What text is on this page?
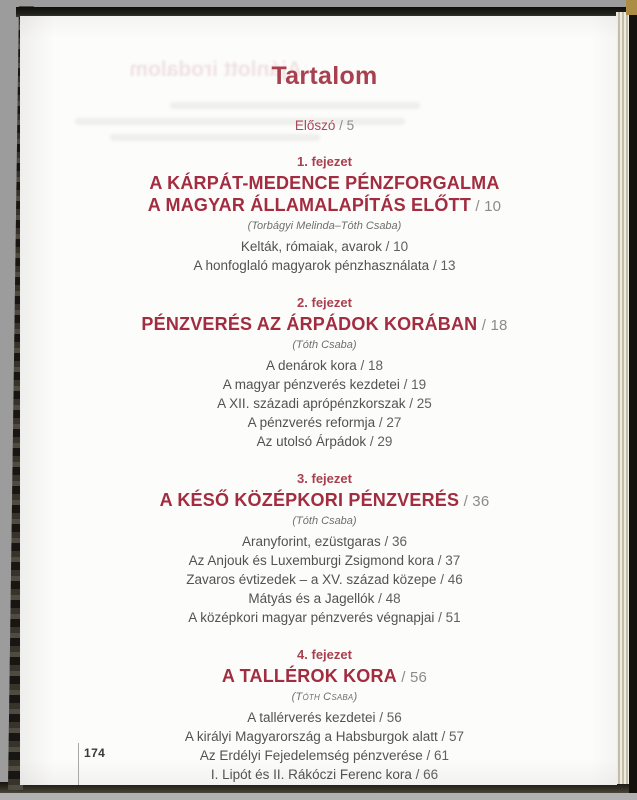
Ajánlott irodalom
Tartalom
Előszó / 5
1. fejezet
A KÁRPÁT-MEDENCE PÉNZFORGALMA
A MAGYAR ÁLLAMALAPÍTÁS ELŐTT / 10
(Torbágyi Melinda–Tóth Csaba)
Kelták, rómaiak, avarok / 10
A honfoglaló magyarok pénzhasználata / 13
2. fejezet
PÉNZVERÉS AZ ÁRPÁDOK KORÁBAN / 18
(Tóth Csaba)
A denárok kora / 18
A magyar pénzverés kezdetei / 19
A XII. századi aprópénzkorszak / 25
A pénzverés reformja / 27
Az utolsó Árpádok / 29
3. fejezet
A KÉSŐ KÖZÉPKORI PÉNZVERÉS / 36
(Tóth Csaba)
Aranyforint, ezüstgaras / 36
Az Anjouk és Luxemburgi Zsigmond kora / 37
Zavaros évtizedek – a XV. század közepe / 46
Mátyás és a Jagellók / 48
A középkori magyar pénzverés végnapjai / 51
4. fejezet
A TALLÉROK KORA / 56
(Tóth Csaba)
A tallérverés kezdetei / 56
A királyi Magyarország a Habsburgok alatt / 57
Az Erdélyi Fejedelemség pénzverése / 61
I. Lipót és II. Rákóczi Ferenc kora / 66
174
